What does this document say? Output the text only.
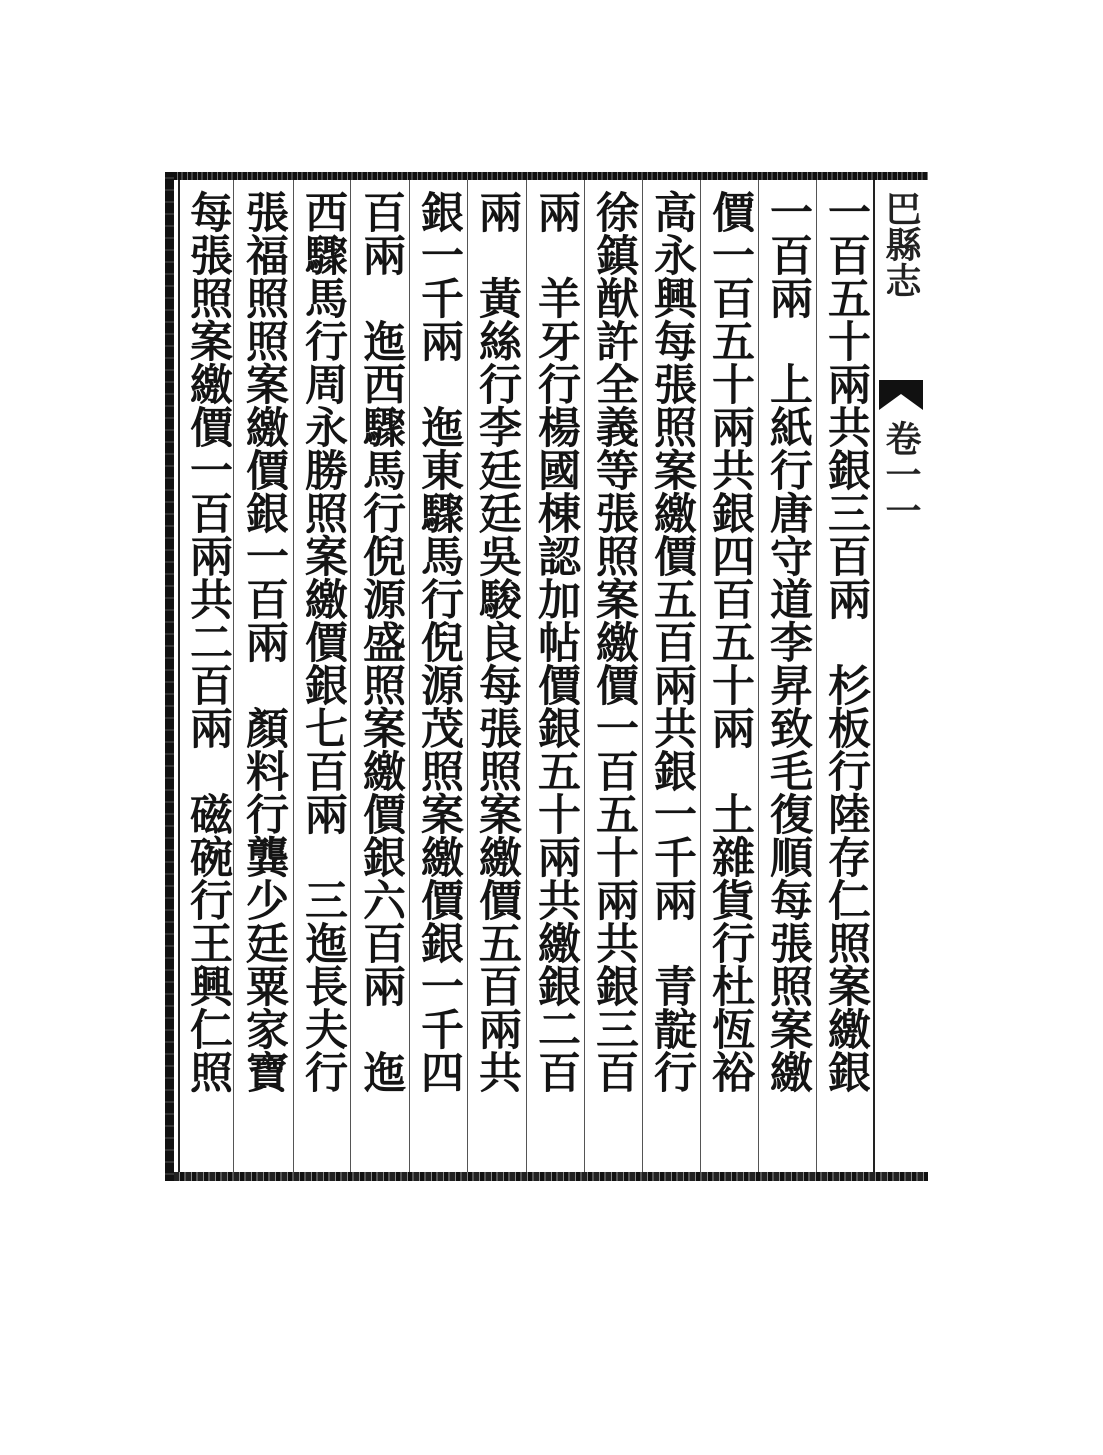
巴縣志
卷一一
一百五十兩共銀三百兩　杉板行陸存仁照案繳銀
一百兩　上紙行唐守道李昇致毛復順每張照案繳
價一百五十兩共銀四百五十兩　土雜貨行杜恆裕
高永興每張照案繳價五百兩共銀一千兩　青靛行
徐鎮猷許全義等張照案繳價一百五十兩共銀三百
兩　羊牙行楊國棟認加帖價銀五十兩共繳銀二百
兩　黃絲行李廷廷吳駿良每張照案繳價五百兩共
銀一千兩　迤東驟馬行倪源茂照案繳價銀一千四
百兩　迤西驟馬行倪源盛照案繳價銀六百兩　迤
西驟馬行周永勝照案繳價銀七百兩　三迤長夫行
張福照照案繳價銀一百兩　顏料行龔少廷粟家寶
每張照案繳價一百兩共二百兩　磁碗行王興仁照
